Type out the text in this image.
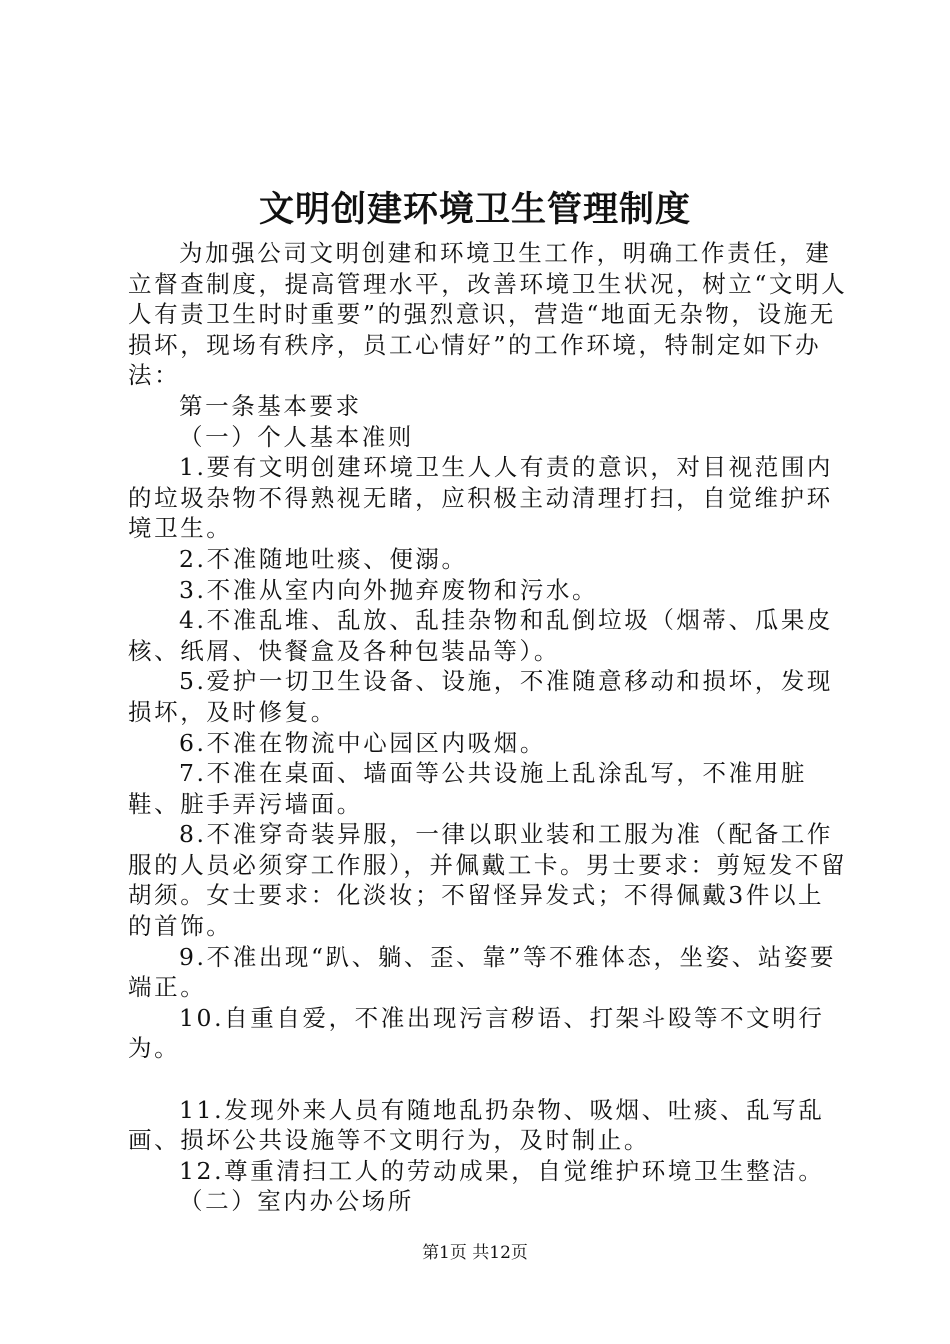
文明创建环境卫生管理制度

为加强公司文明创建和环境卫生工作，明确工作责任，建立督查制度，提高管理水平，改善环境卫生状况，树立“文明人人有责卫生时时重要”的强烈意识，营造“地面无杂物，设施无损坏，现场有秩序，员工心情好”的工作环境，特制定如下办法：

第一条基本要求

（一）个人基本准则

1.要有文明创建环境卫生人人有责的意识，对目视范围内的垃圾杂物不得熟视无睹，应积极主动清理打扫，自觉维护环境卫生。

2.不准随地吐痰、便溺。

3.不准从室内向外抛弃废物和污水。

4.不准乱堆、乱放、乱挂杂物和乱倒垃圾（烟蒂、瓜果皮核、纸屑、快餐盒及各种包装品等）。

5.爱护一切卫生设备、设施，不准随意移动和损坏，发现损坏，及时修复。

6.不准在物流中心园区内吸烟。

7.不准在桌面、墙面等公共设施上乱涂乱写，不准用脏鞋、脏手弄污墙面。

8.不准穿奇装异服，一律以职业装和工服为准（配备工作服的人员必须穿工作服），并佩戴工卡。男士要求：剪短发不留胡须。女士要求：化淡妆；不留怪异发式；不得佩戴3件以上的首饰。

9.不准出现“趴、躺、歪、靠”等不雅体态，坐姿、站姿要端正。

10.自重自爱，不准出现污言秽语、打架斗殴等不文明行为。

11.发现外来人员有随地乱扔杂物、吸烟、吐痰、乱写乱画、损坏公共设施等不文明行为，及时制止。

12.尊重清扫工人的劳动成果，自觉维护环境卫生整洁。

（二）室内办公场所

第1页 共12页
